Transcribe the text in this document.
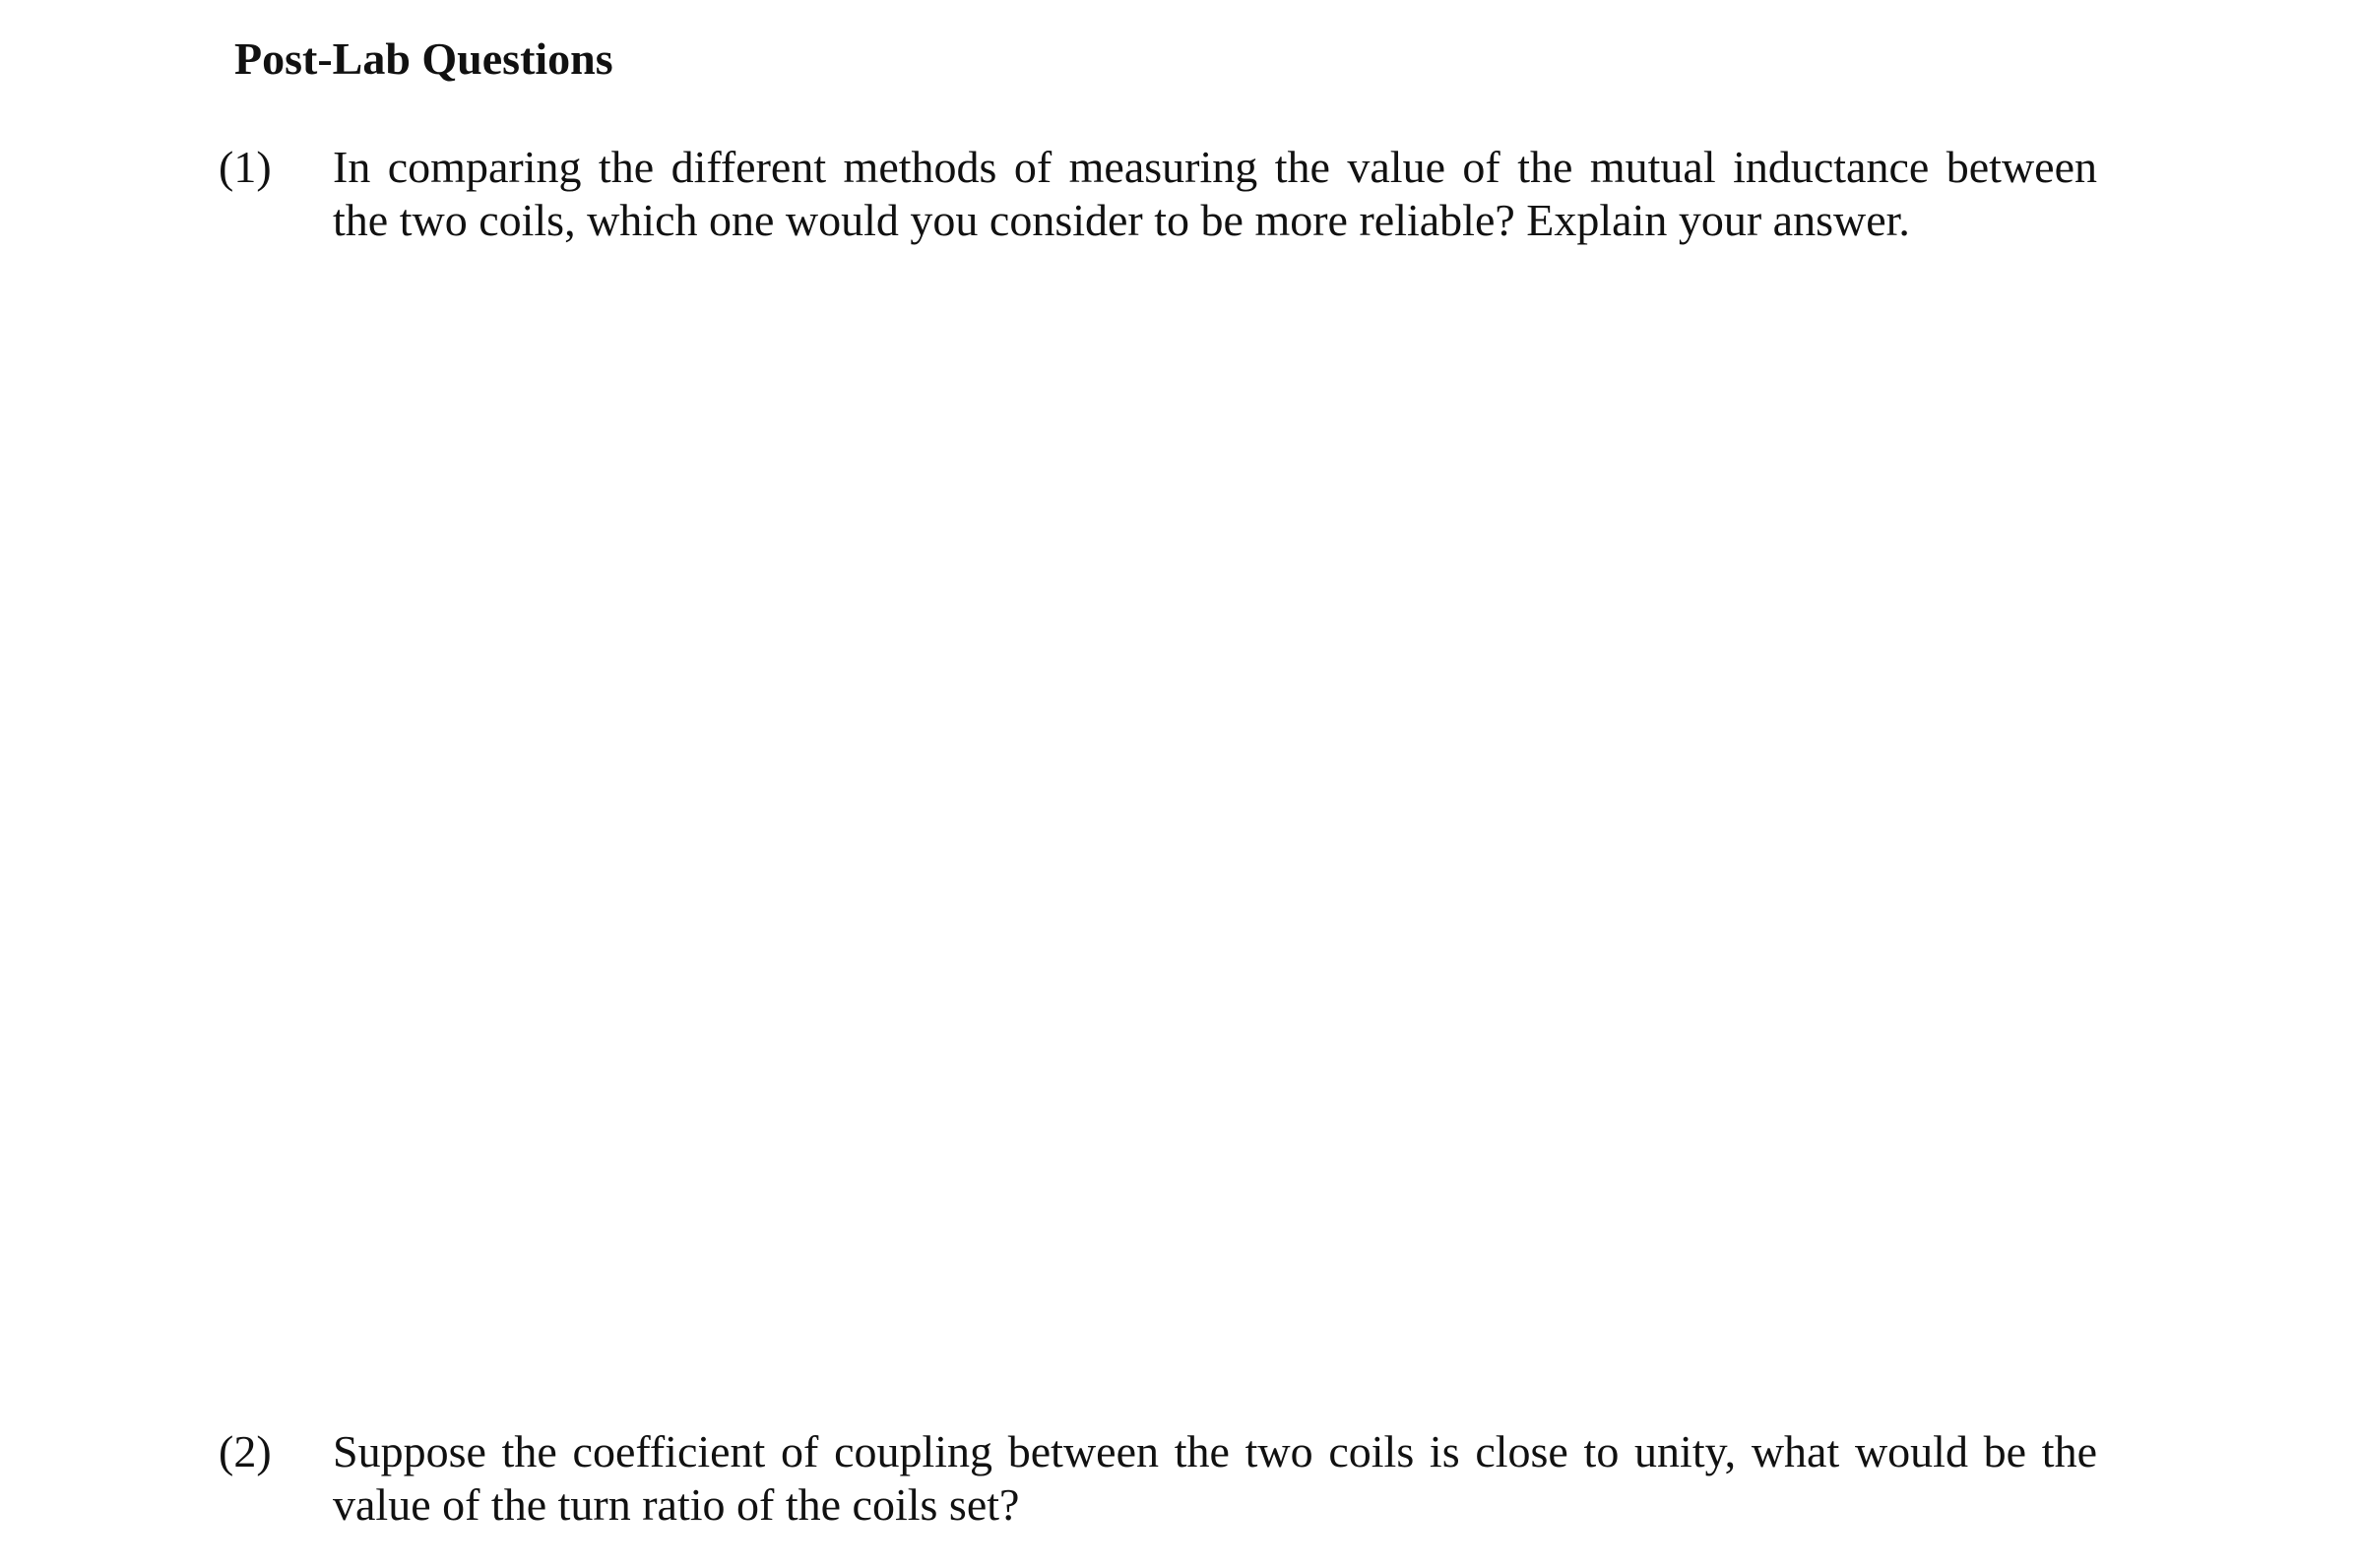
Post-Lab Questions
(1) In comparing the different methods of measuring the value of the mutual inductance between
the two coils, which one would you consider to be more reliable? Explain your answer.
(2) Suppose the coefficient of coupling between the two coils is close to unity, what would be the
value of the turn ratio of the coils set?
